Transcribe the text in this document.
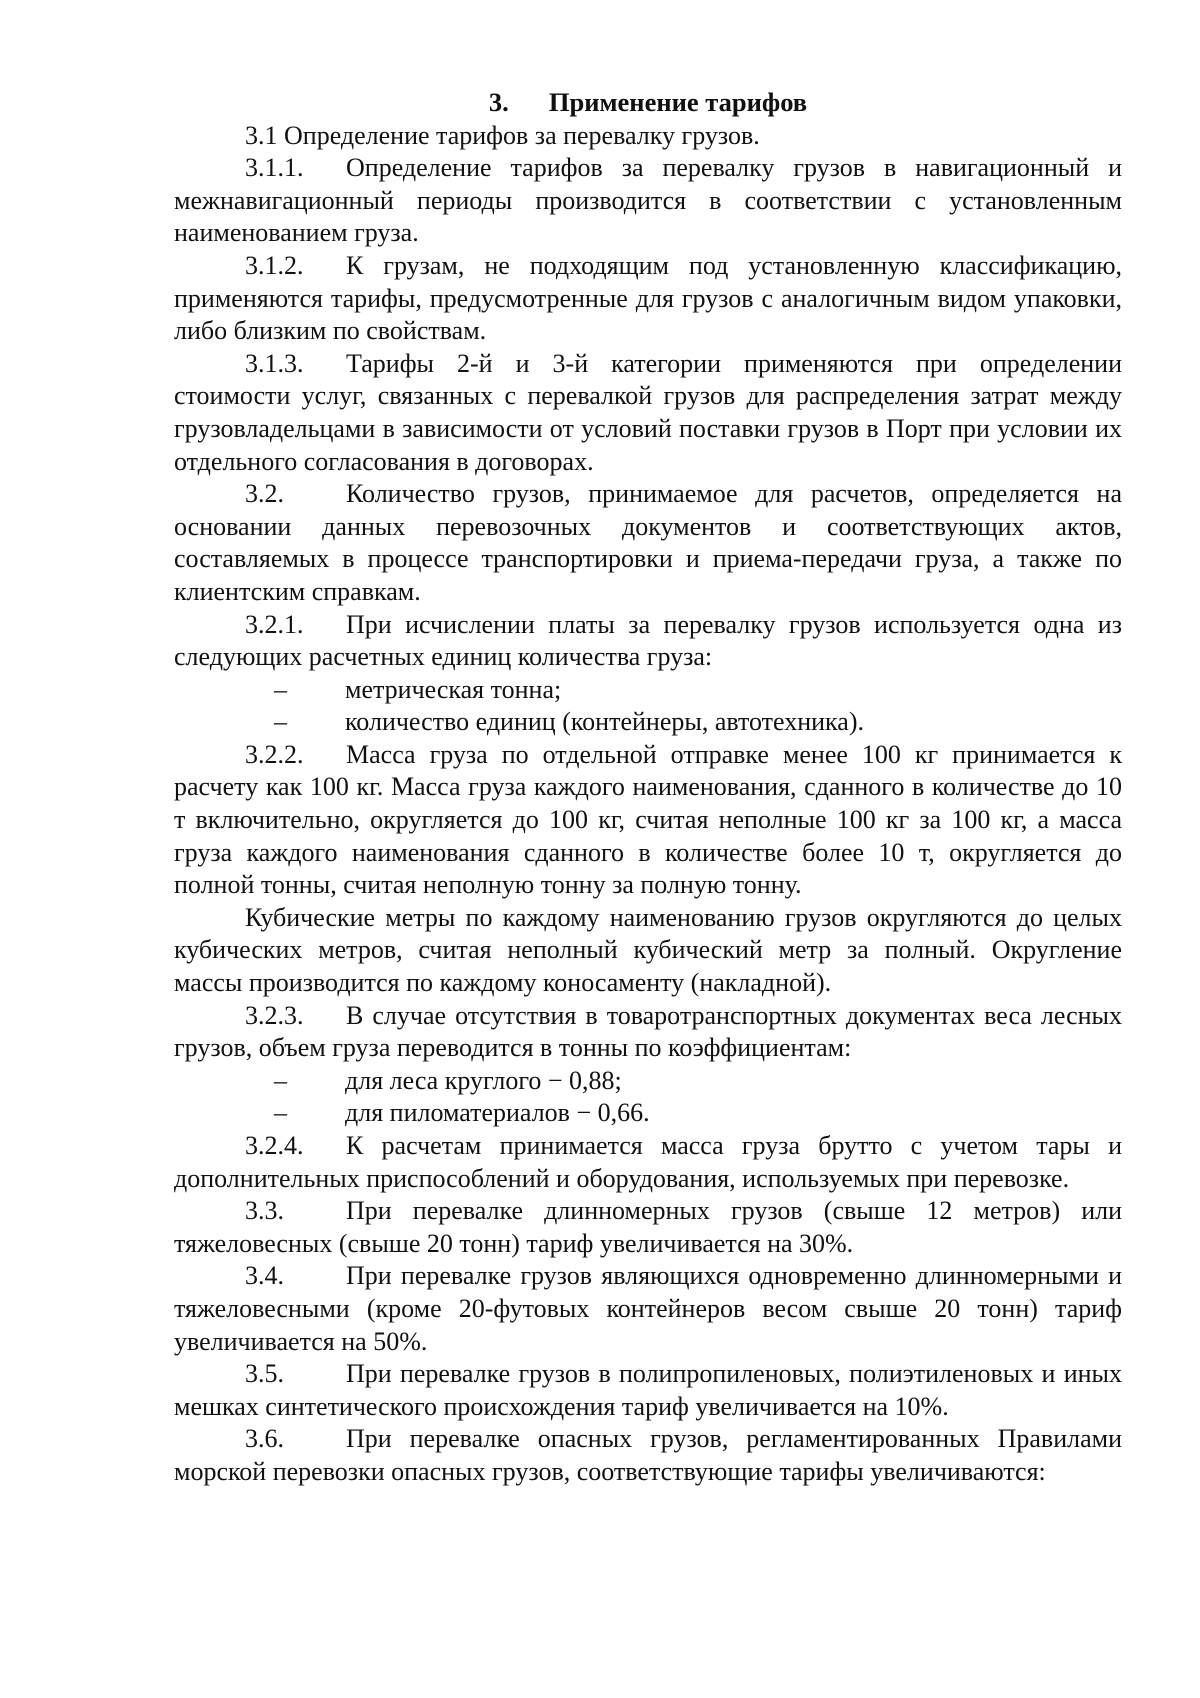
3. Применение тарифов

3.1 Определение тарифов за перевалку грузов.

3.1.1. Определение тарифов за перевалку грузов в навигационный и межнавигационный периоды производится в соответствии с установленным наименованием груза.

3.1.2. К грузам, не подходящим под установленную классификацию, применяются тарифы, предусмотренные для грузов с аналогичным видом упаковки, либо близким по свойствам.

3.1.3. Тарифы 2-й и 3-й категории применяются при определении стоимости услуг, связанных с перевалкой грузов для распределения затрат между грузовладельцами в зависимости от условий поставки грузов в Порт при условии их отдельного согласования в договорах.

3.2. Количество грузов, принимаемое для расчетов, определяется на основании данных перевозочных документов и соответствующих актов, составляемых в процессе транспортировки и приема-передачи груза, а также по клиентским справкам.

3.2.1. При исчислении платы за перевалку грузов используется одна из следующих расчетных единиц количества груза:

– метрическая тонна;

– количество единиц (контейнеры, автотехника).

3.2.2. Масса груза по отдельной отправке менее 100 кг принимается к расчету как 100 кг. Масса груза каждого наименования, сданного в количестве до 10 т включительно, округляется до 100 кг, считая неполные 100 кг за 100 кг, а масса груза каждого наименования сданного в количестве более 10 т, округляется до полной тонны, считая неполную тонну за полную тонну.

Кубические метры по каждому наименованию грузов округляются до целых кубических метров, считая неполный кубический метр за полный. Округление массы производится по каждому коносаменту (накладной).

3.2.3. В случае отсутствия в товаротранспортных документах веса лесных грузов, объем груза переводится в тонны по коэффициентам:

– для леса круглого − 0,88;

– для пиломатериалов − 0,66.

3.2.4. К расчетам принимается масса груза брутто с учетом тары и дополнительных приспособлений и оборудования, используемых при перевозке.

3.3. При перевалке длинномерных грузов (свыше 12 метров) или тяжеловесных (свыше 20 тонн) тариф увеличивается на 30%.

3.4. При перевалке грузов являющихся одновременно длинномерными и тяжеловесными (кроме 20-футовых контейнеров весом свыше 20 тонн) тариф увеличивается на 50%.

3.5. При перевалке грузов в полипропиленовых, полиэтиленовых и иных мешках синтетического происхождения тариф увеличивается на 10%.

3.6. При перевалке опасных грузов, регламентированных Правилами морской перевозки опасных грузов, соответствующие тарифы увеличиваются:
